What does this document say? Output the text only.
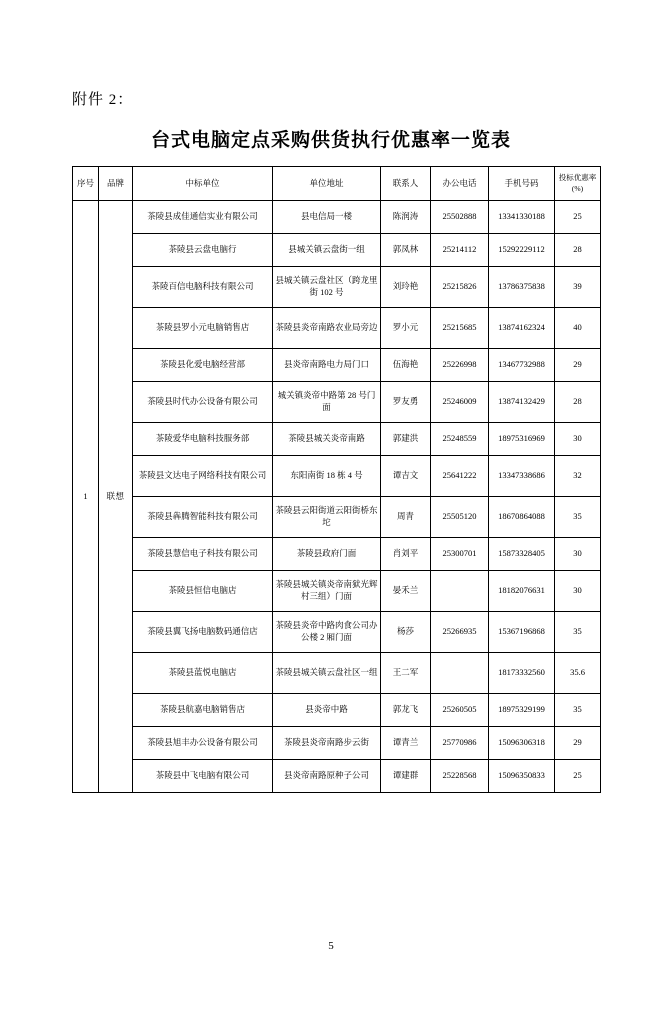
附件 2：
台式电脑定点采购供货执行优惠率一览表
序号	品牌	中标单位	单位地址	联系人	办公电话	手机号码	投标优惠率
(%)
1	联想	茶陵县成佳通信实业有限公司	县电信局一楼	陈润涛	25502888	13341330188	25
		茶陵县云盘电脑行	县城关镇云盘街一组	郭凤林	25214112	15292229112	28
		茶陵百信电脑科技有限公司	县城关镇云盘社区（跨龙里街 102 号	刘玲艳	25215826	13786375838	39
		茶陵县罗小元电脑销售店	茶陵县炎帝南路农业局旁边	罗小元	25215685	13874162324	40
		茶陵县化爱电脑经营部	县炎帝南路电力局门口	伍海艳	25226998	13467732988	29
		茶陵县时代办公设备有限公司	城关镇炎帝中路第 28 号门面	罗友勇	25246009	13874132429	28
		茶陵爱华电脑科技服务部	茶陵县城关炎帝南路	郭建洪	25248559	18975316969	30
		茶陵县文达电子网络科技有限公司	东阳南街 18 栋 4 号	谭吉文	25641222	13347338686	32
		茶陵县犇腾智能科技有限公司	茶陵县云阳街道云阳街桥东坨	周青	25505120	18670864088	35
		茶陵县慧信电子科技有限公司	茶陵县政府门面	肖刘平	25300701	15873328405	30
		茶陵县恒信电脑店	茶陵县城关镇炎帝南狱光辉村三组）门面	晏禾兰		18182076631	30
		茶陵县翼飞扬电脑数码通信店	茶陵县炎帝中路肉食公司办公楼 2 厢门面	杨莎	25266935	15367196868	35
		茶陵县蓝悦电脑店	茶陵县城关镇云盘社区一组	王二军		18173332560	35.6
		茶陵县航嘉电脑销售店	县炎帝中路	郭龙飞	25260505	18975329199	35
		茶陵县旭丰办公设备有限公司	茶陵县炎帝南路步云街	谭青兰	25770986	15096306318	29
		茶陵县中飞电脑有限公司	县炎帝南路原种子公司	谭建群	25228568	15096350833	25
5
